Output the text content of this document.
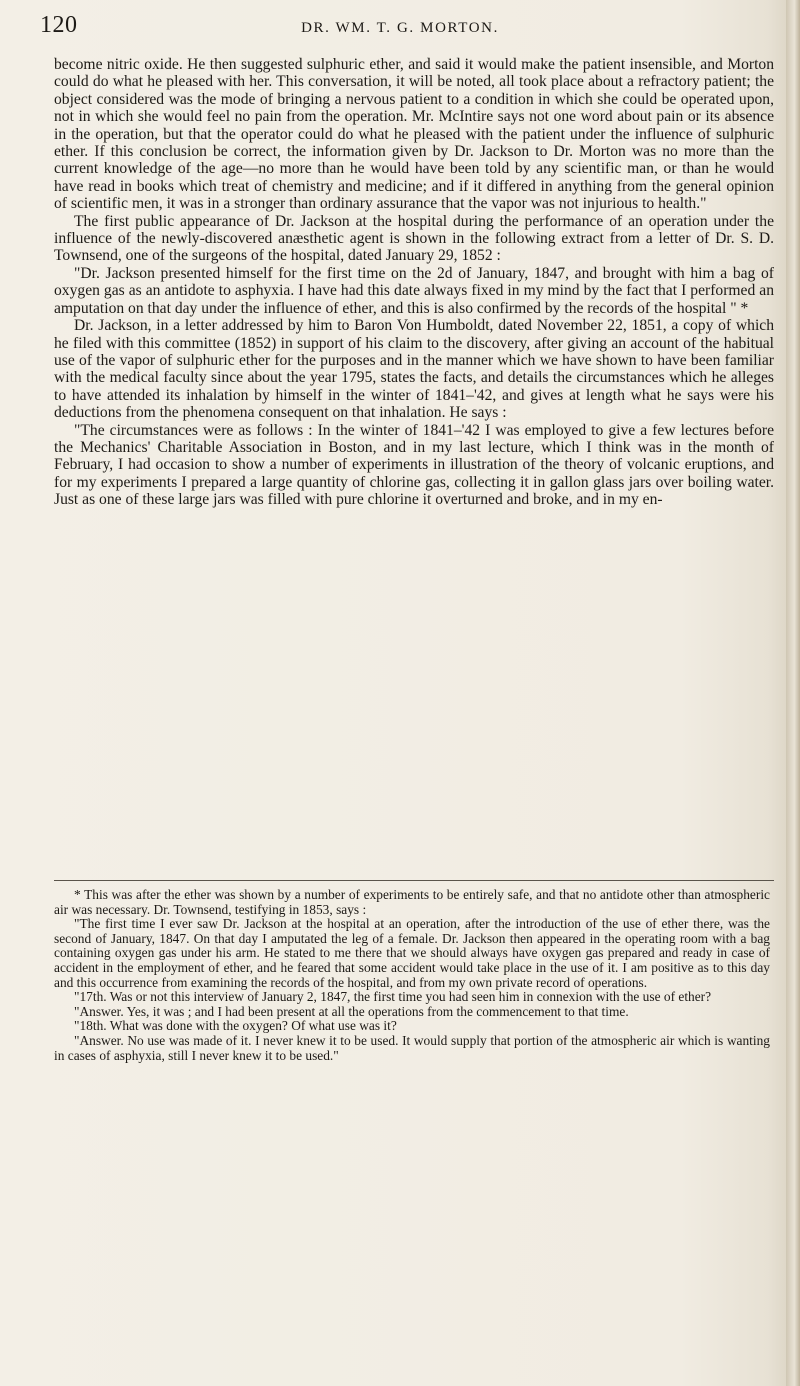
120	DR. WM. T. G. MORTON.

become nitric oxide. He then suggested sulphuric ether, and said it would make the patient insensible, and Morton could do what he pleased with her. This conversation, it will be noted, all took place about a refractory patient; the object considered was the mode of bringing a nervous patient to a condition in which she could be operated upon, not in which she would feel no pain from the operation. Mr. McIntire says not one word about pain or its absence in the operation, but that the operator could do what he pleased with the patient under the influence of sulphuric ether. If this conclusion be correct, the information given by Dr. Jackson to Dr. Morton was no more than the current knowledge of the age—no more than he would have been told by any scientific man, or than he would have read in books which treat of chemistry and medicine; and if it differed in anything from the general opinion of scientific men, it was in a stronger than ordinary assurance that the vapor was not injurious to health."

The first public appearance of Dr. Jackson at the hospital during the performance of an operation under the influence of the newly-discovered anæsthetic agent is shown in the following extract from a letter of Dr. S. D. Townsend, one of the surgeons of the hospital, dated January 29, 1852 :

"Dr. Jackson presented himself for the first time on the 2d of January, 1847, and brought with him a bag of oxygen gas as an antidote to asphyxia. I have had this date always fixed in my mind by the fact that I performed an amputation on that day under the influence of ether, and this is also confirmed by the records of the hospital " *

Dr. Jackson, in a letter addressed by him to Baron Von Humboldt, dated November 22, 1851, a copy of which he filed with this committee (1852) in support of his claim to the discovery, after giving an account of the habitual use of the vapor of sulphuric ether for the purposes and in the manner which we have shown to have been familiar with the medical faculty since about the year 1795, states the facts, and details the circumstances which he alleges to have attended its inhalation by himself in the winter of 1841–'42, and gives at length what he says were his deductions from the phenomena consequent on that inhalation. He says :

"The circumstances were as follows : In the winter of 1841–'42 I was employed to give a few lectures before the Mechanics' Charitable Association in Boston, and in my last lecture, which I think was in the month of February, I had occasion to show a number of experiments in illustration of the theory of volcanic eruptions, and for my experiments I prepared a large quantity of chlorine gas, collecting it in gallon glass jars over boiling water. Just as one of these large jars was filled with pure chlorine it overturned and broke, and in my en-

* This was after the ether was shown by a number of experiments to be entirely safe, and that no antidote other than atmospheric air was necessary. Dr. Townsend, testifying in 1853, says :

"The first time I ever saw Dr. Jackson at the hospital at an operation, after the introduction of the use of ether there, was the second of January, 1847. On that day I amputated the leg of a female. Dr. Jackson then appeared in the operating room with a bag containing oxygen gas under his arm. He stated to me there that we should always have oxygen gas prepared and ready in case of accident in the employment of ether, and he feared that some accident would take place in the use of it. I am positive as to this day and this occurrence from examining the records of the hospital, and from my own private record of operations.

"17th. Was or not this interview of January 2, 1847, the first time you had seen him in connexion with the use of ether?

"Answer. Yes, it was ; and I had been present at all the operations from the commencement to that time.

"18th. What was done with the oxygen? Of what use was it?

"Answer. No use was made of it. I never knew it to be used. It would supply that portion of the atmospheric air which is wanting in cases of asphyxia, still I never knew it to be used."
